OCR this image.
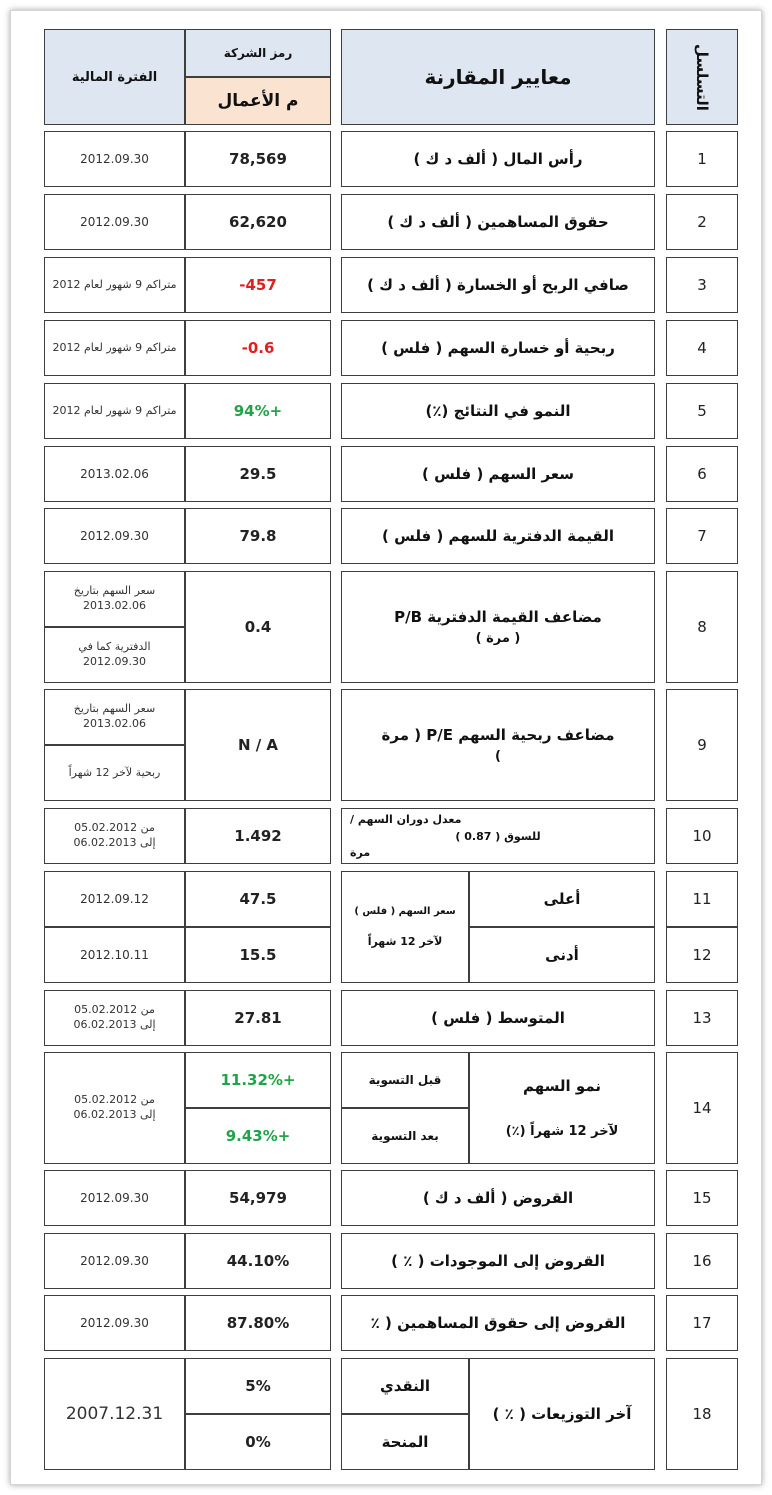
التسلسل
معايير المقارنة
رمز الشركة
م الأعمال
الفترة المالية
1
رأس المال ( ألف د ك )
78,569
2012.09.30
2
حقوق المساهمين ( ألف د ك )
62,620
2012.09.30
3
صافي الربح أو الخسارة ( ألف د ك )
-457
متراكم 9 شهور لعام 2012
4
ربحية أو خسارة السهم ( فلس )
-0.6
متراكم 9 شهور لعام 2012
5
النمو في النتائج (٪)
94%+
متراكم 9 شهور لعام 2012
6
سعر السهم ( فلس )
29.5
2013.02.06
7
القيمة الدفترية للسهم ( فلس )
79.8
2012.09.30
8
مضاعف القيمة الدفترية P/B
( مرة )
0.4
سعر السهم بتاريخ 2013.02.06
الدفترية كما في 2012.09.30
9
مضاعف ربحية السهم P/E ( مرة
)
N / A
سعر السهم بتاريخ 2013.02.06
ربحية لآخر 12 شهراً
10
معدل دوران السهم /
للسوق ( 0.87 )
مرة
1.492
من 05.02.2012
إلى 06.02.2013
11
12
أعلى
أدنى
سعر السهم ( فلس )
لآخر 12 شهراً
47.5
15.5
2012.09.12
2012.10.11
13
المتوسط ( فلس )
27.81
من 05.02.2012
إلى 06.02.2013
14
نمو السهم
لآخر 12 شهراً (٪)
قبل التسوية
بعد التسوية
11.32%+
9.43%+
من 05.02.2012
إلى 06.02.2013
15
القروض ( ألف د ك )
54,979
2012.09.30
16
القروض إلى الموجودات ( ٪ )
44.10%
2012.09.30
17
القروض إلى حقوق المساهمين ( ٪
87.80%
2012.09.30
18
آخر التوزيعات ( ٪ )
النقدي
المنحة
5%
0%
2007.12.31
